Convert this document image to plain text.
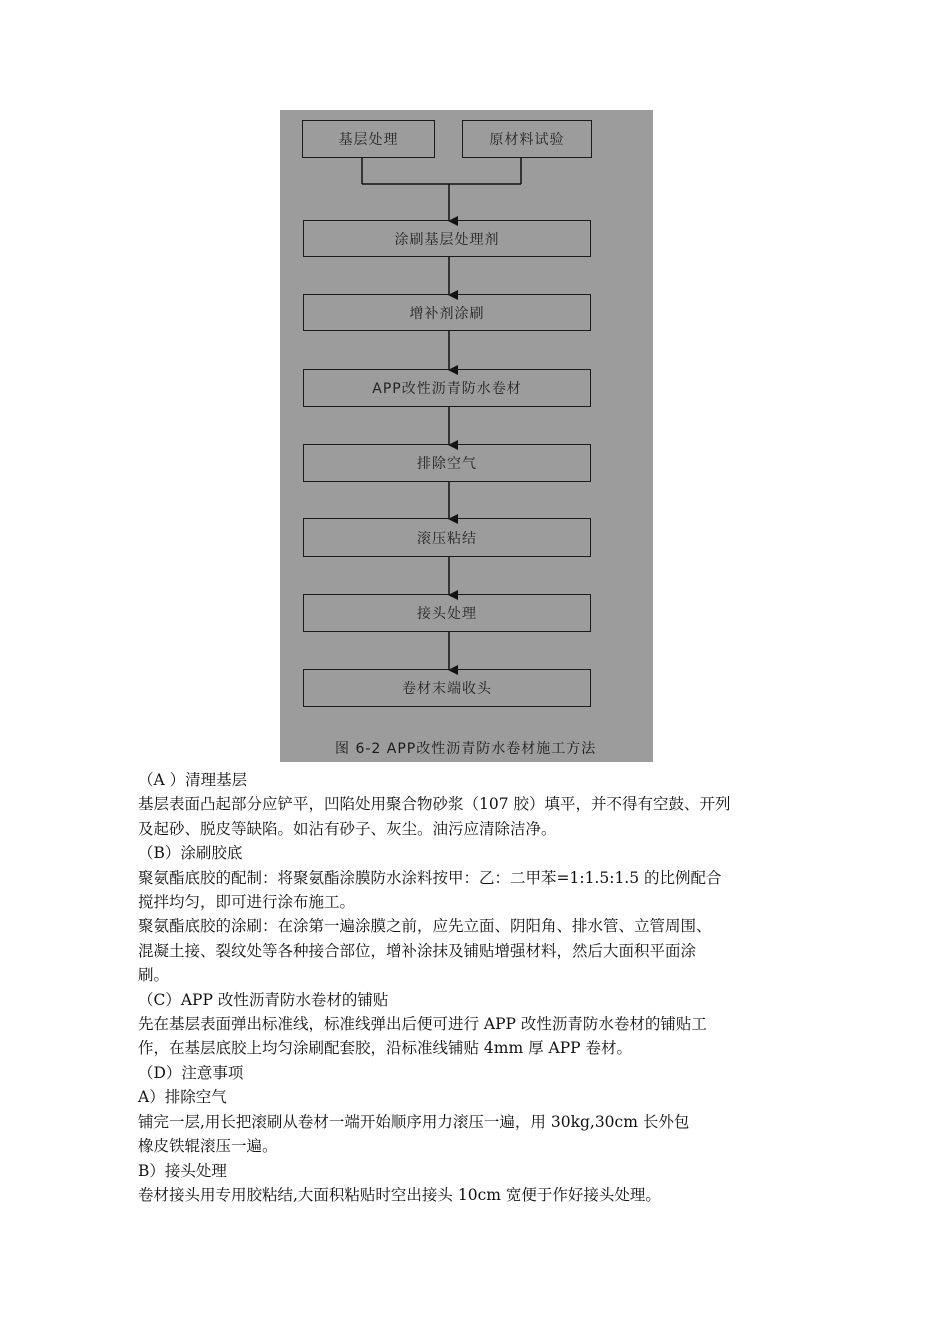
基层处理	原材料试验
涂刷基层处理剂
增补剂涂刷
APP改性沥青防水卷材
排除空气
滚压粘结
接头处理
卷材末端收头
图 6-2 APP改性沥青防水卷材施工方法

（A ）清理基层

基层表面凸起部分应铲平，凹陷处用聚合物砂浆（107 胶）填平，并不得有空鼓、开列

及起砂、脱皮等缺陷。如沾有砂子、灰尘。油污应清除洁净。

（B）涂刷胶底

聚氨酯底胶的配制：将聚氨酯涂膜防水涂料按甲：乙：二甲苯=1:1.5:1.5 的比例配合

搅拌均匀，即可进行涂布施工。

聚氨酯底胶的涂刷：在涂第一遍涂膜之前，应先立面、阴阳角、排水管、立管周围、

混凝土接、裂纹处等各种接合部位，增补涂抹及铺贴增强材料，然后大面积平面涂

刷。

（C）APP 改性沥青防水卷材的铺贴

先在基层表面弹出标准线，标准线弹出后便可进行 APP 改性沥青防水卷材的铺贴工

作，在基层底胶上均匀涂刷配套胶，沿标准线铺贴 4mm 厚 APP 卷材。

（D）注意事项

A）排除空气

铺完一层,用长把滚刷从卷材一端开始顺序用力滚压一遍，用 30kg,30cm 长外包

橡皮铁辊滚压一遍。

B）接头处理

卷材接头用专用胶粘结,大面积粘贴时空出接头 10cm 宽便于作好接头处理。
